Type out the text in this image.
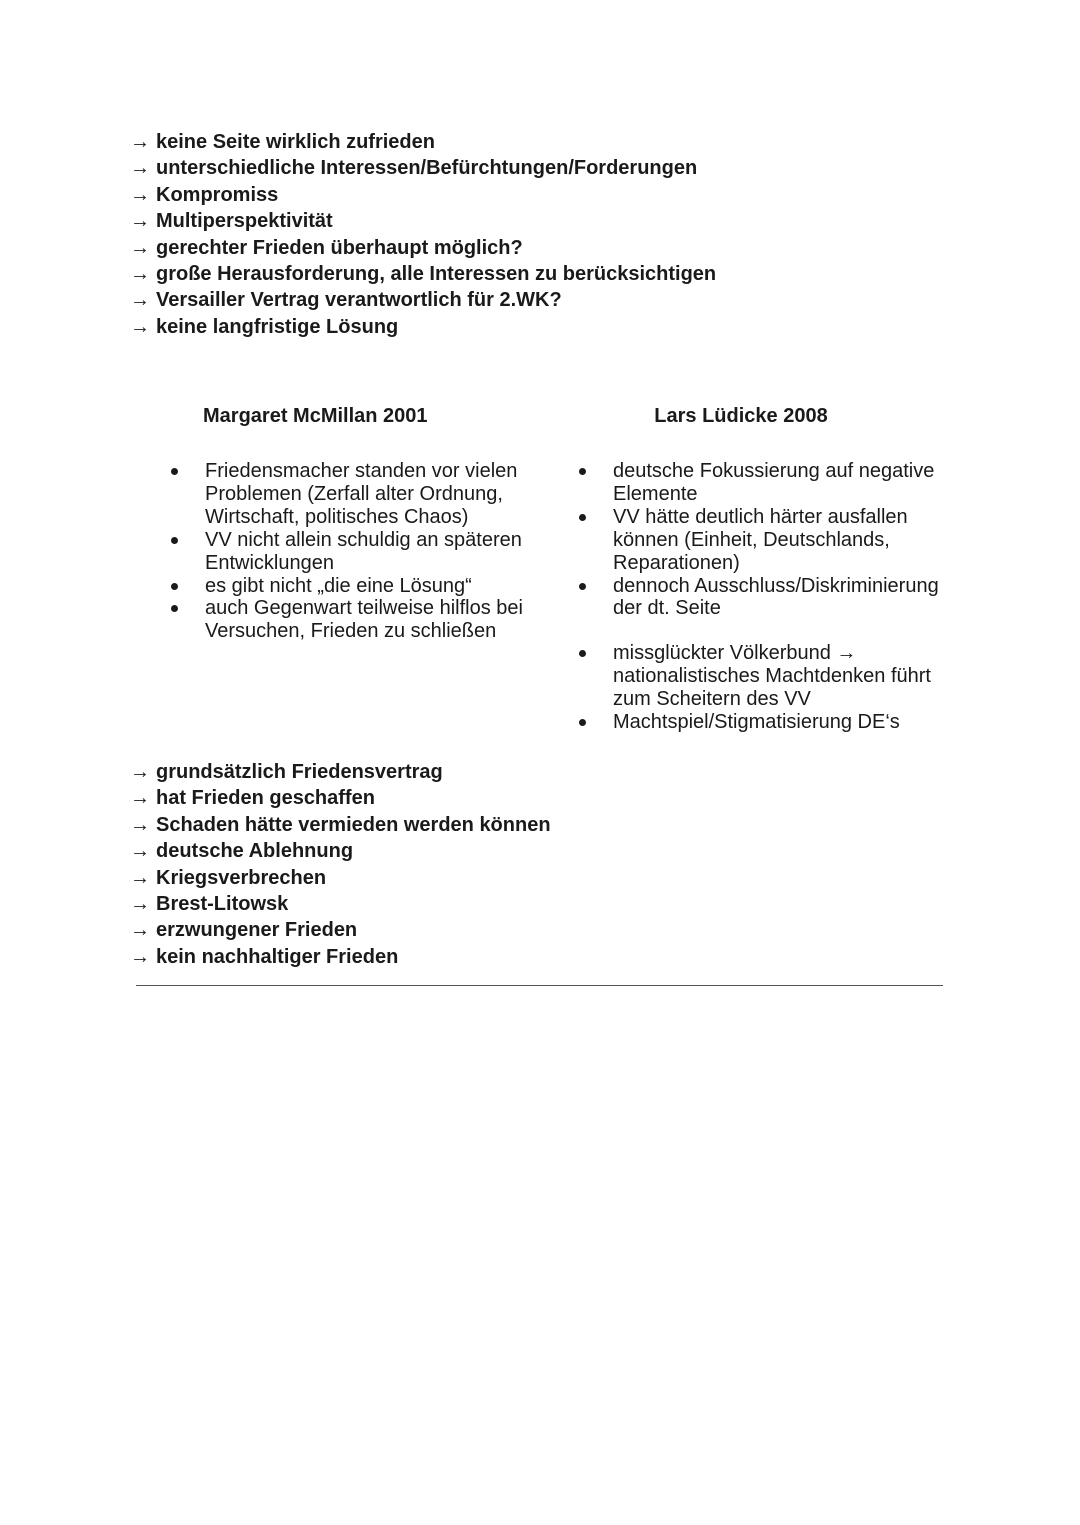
→ keine Seite wirklich zufrieden
→ unterschiedliche Interessen/Befürchtungen/Forderungen
→ Kompromiss
→ Multiperspektivität
→ gerechter Frieden überhaupt möglich?
→ große Herausforderung, alle Interessen zu berücksichtigen
→ Versailler Vertrag verantwortlich für 2.WK?
→ keine langfristige Lösung
Margaret McMillan 2001
Friedensmacher standen vor vielen Problemen (Zerfall alter Ordnung, Wirtschaft, politisches Chaos)
VV nicht allein schuldig an späteren Entwicklungen
es gibt nicht „die eine Lösung“
auch Gegenwart teilweise hilflos bei Versuchen, Frieden zu schließen
Lars Lüdicke 2008
deutsche Fokussierung auf negative Elemente
VV hätte deutlich härter ausfallen können (Einheit, Deutschlands, Reparationen)
dennoch Ausschluss/Diskriminierung der dt. Seite
missglückter Völkerbund → nationalistisches Machtdenken führt zum Scheitern des VV
Machtspiel/Stigmatisierung DE‘s
→ grundsätzlich Friedensvertrag
→ hat Frieden geschaffen
→ Schaden hätte vermieden werden können
→ deutsche Ablehnung
→ Kriegsverbrechen
→ Brest-Litowsk
→ erzwungener Frieden
→ kein nachhaltiger Frieden
